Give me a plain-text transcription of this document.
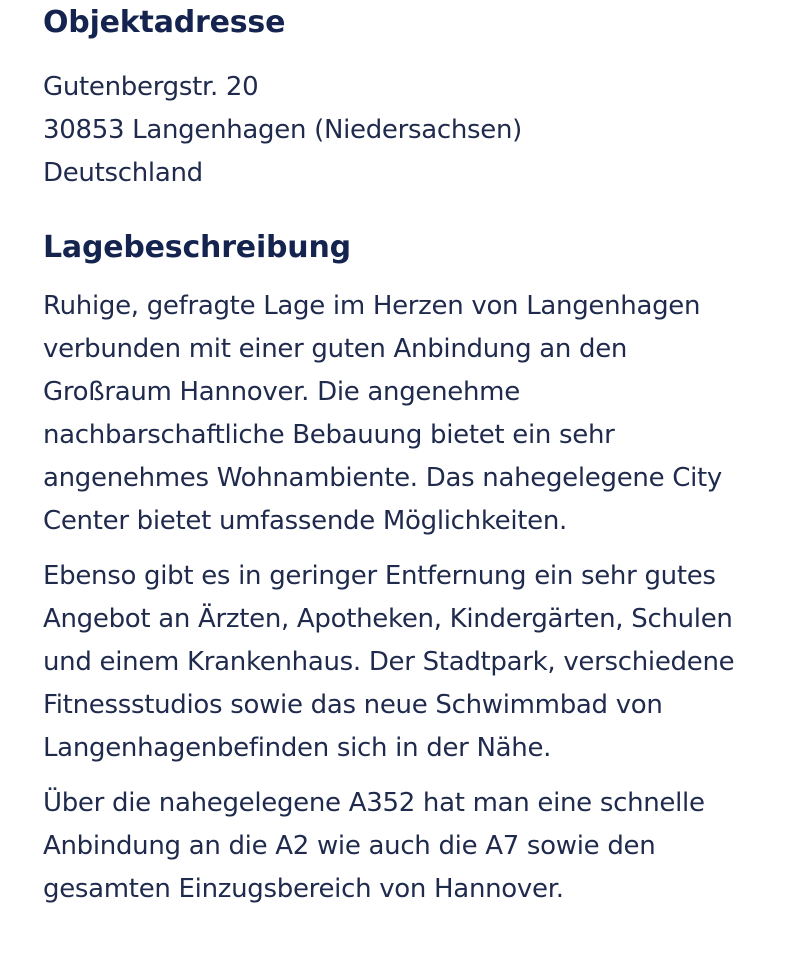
Objektadresse
Gutenbergstr. 20
30853 Langenhagen (Niedersachsen)
Deutschland
Lagebeschreibung
Ruhige, gefragte Lage im Herzen von Langenhagen
verbunden mit einer guten Anbindung an den
Großraum Hannover. Die angenehme
nachbarschaftliche Bebauung bietet ein sehr
angenehmes Wohnambiente. Das nahegelegene City
Center bietet umfassende Möglichkeiten.
Ebenso gibt es in geringer Entfernung ein sehr gutes
Angebot an Ärzten, Apotheken, Kindergärten, Schulen
und einem Krankenhaus. Der Stadtpark, verschiedene
Fitnessstudios sowie das neue Schwimmbad von
Langenhagenbefinden sich in der Nähe.
Über die nahegelegene A352 hat man eine schnelle
Anbindung an die A2 wie auch die A7 sowie den
gesamten Einzugsbereich von Hannover.
